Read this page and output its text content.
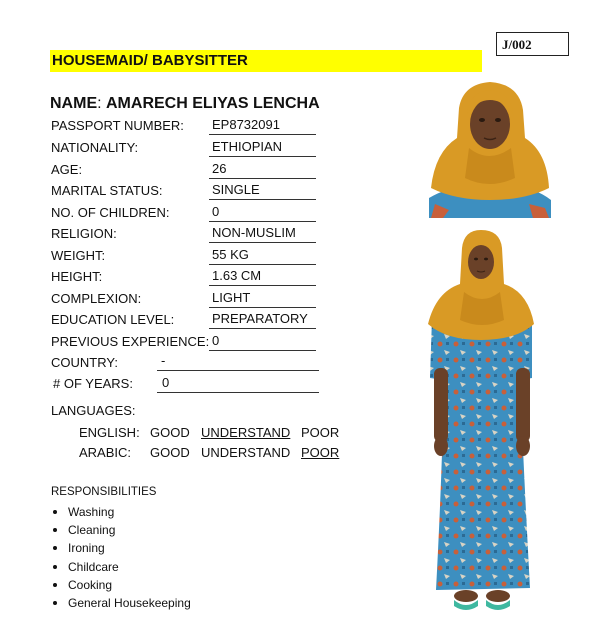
J/002
HOUSEMAID/ BABYSITTER
NAME: AMARECH ELIYAS LENCHA
PASSPORT NUMBER: EP8732091
NATIONALITY:	ETHIOPIAN
AGE:	26
MARITAL STATUS:	SINGLE
NO. OF CHILDREN:	0
RELIGION:	NON-MUSLIM
WEIGHT:	55 KG
HEIGHT:	1.63 CM
COMPLEXION:	LIGHT
EDUCATION LEVEL:	PREPARATORY
PREVIOUS EXPERIENCE: 0
COUNTRY:	-
# OF YEARS:	0
LANGUAGES:
ENGLISH: GOOD UNDERSTAND POOR
ARABIC: GOOD UNDERSTAND POOR
RESPONSIBILITIES
Washing
Cleaning
Ironing
Childcare
Cooking
General Housekeeping
